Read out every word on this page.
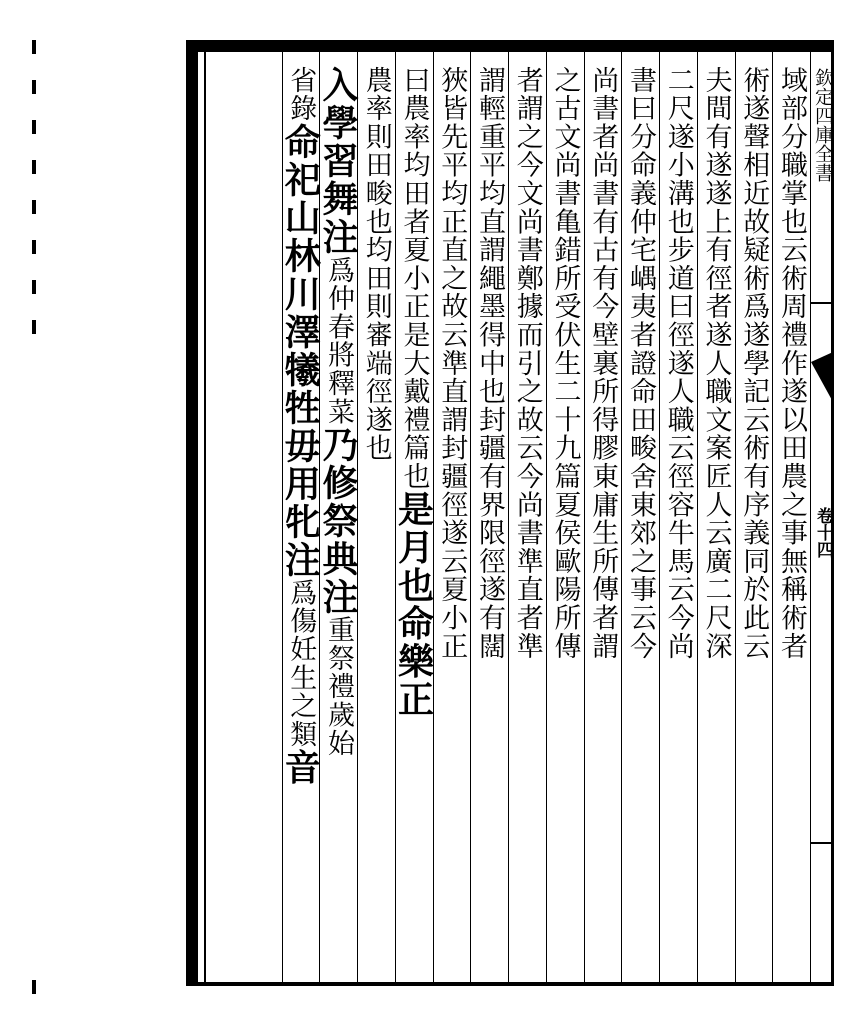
欽定四庫全書
卷十四
域部分職掌也云術周禮作遂以田農之事無稱術者
術遂聲相近故疑術爲遂學記云術有序義同於此云
夫間有遂遂上有徑者遂人職文案匠人云廣二尺深
二尺遂小溝也步道曰徑遂人職云徑容牛馬云今尚
書曰分命義仲宅嵎夷者證命田畯舍東郊之事云今
尚書者尚書有古有今壁裏所得膠東庸生所傳者謂
之古文尚書亀錯所受伏生二十九篇夏侯歐陽所傳
者謂之今文尚書鄭據而引之故云今尚書準直者準
謂輕重平均直謂繩墨得中也封疆有界限徑遂有闊
狹皆先平均正直之故云準直謂封疆徑遂云夏小正
曰農率均田者夏小正是大戴禮篇也是月也命樂正
農率則田畯也均田則審端徑遂也
入學習舞注爲仲春將釋菜乃修祭典注重祭禮歲始
省錄命祀山林川澤犧牲毋用牝注爲傷妊生之類音
